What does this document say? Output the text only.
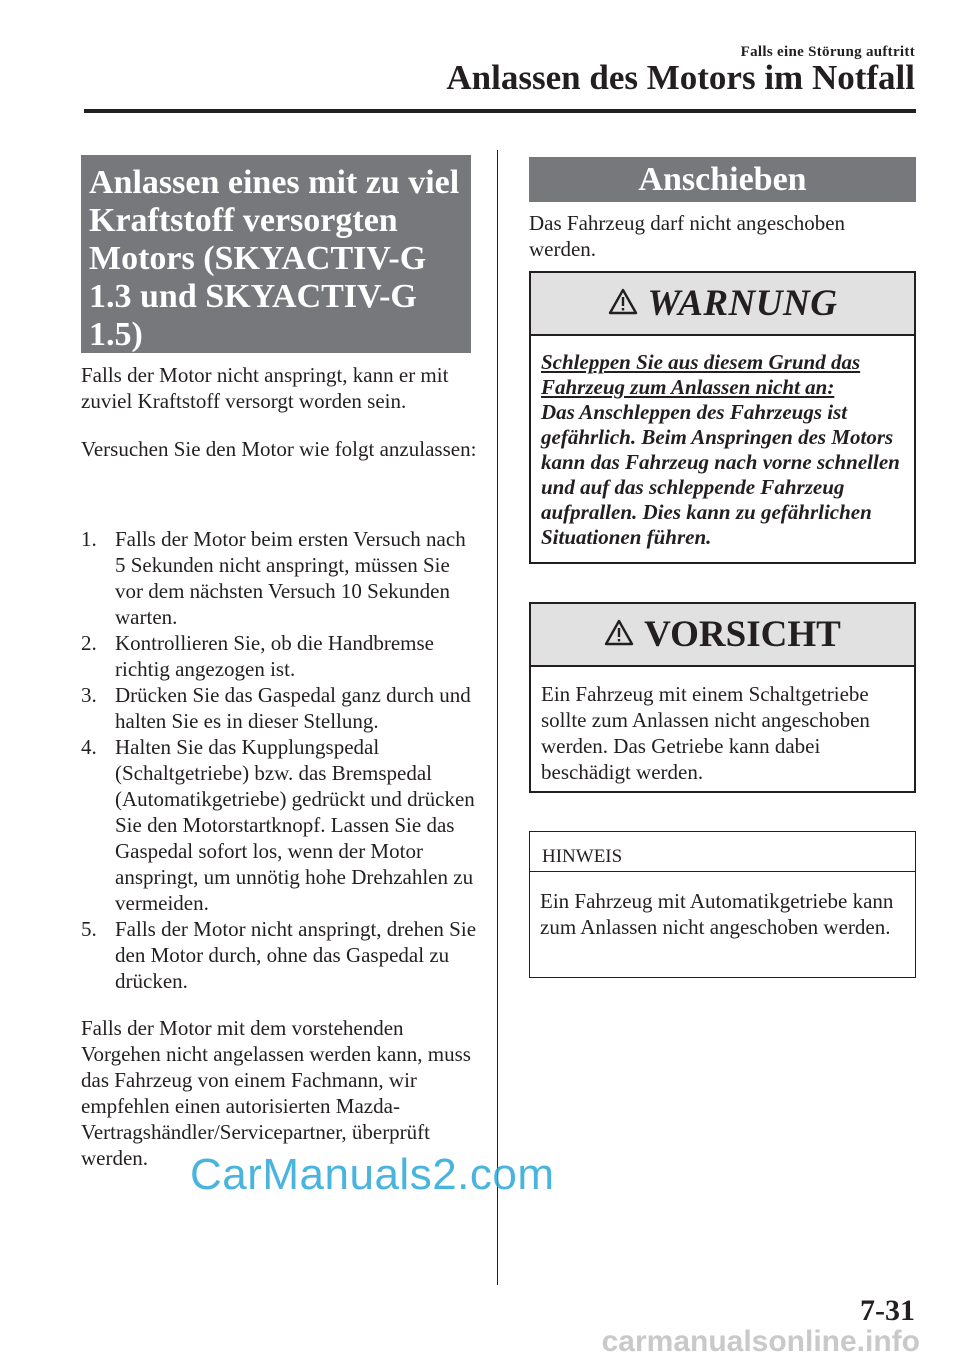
Falls eine Störung auftritt
Anlassen des Motors im Notfall
Anlassen eines mit zu viel Kraftstoff versorgten Motors (SKYACTIV-G 1.3 und SKYACTIV-G 1.5)
Falls der Motor nicht anspringt, kann er mit zuviel Kraftstoff versorgt worden sein.
Versuchen Sie den Motor wie folgt anzulassen:
1. Falls der Motor beim ersten Versuch nach 5 Sekunden nicht anspringt, müssen Sie vor dem nächsten Versuch 10 Sekunden warten.
2. Kontrollieren Sie, ob die Handbremse richtig angezogen ist.
3. Drücken Sie das Gaspedal ganz durch und halten Sie es in dieser Stellung.
4. Halten Sie das Kupplungspedal (Schaltgetriebe) bzw. das Bremspedal (Automatikgetriebe) gedrückt und drücken Sie den Motorstartknopf. Lassen Sie das Gaspedal sofort los, wenn der Motor anspringt, um unnötig hohe Drehzahlen zu vermeiden.
5. Falls der Motor nicht anspringt, drehen Sie den Motor durch, ohne das Gaspedal zu drücken.
Falls der Motor mit dem vorstehenden Vorgehen nicht angelassen werden kann, muss das Fahrzeug von einem Fachmann, wir empfehlen einen autorisierten Mazda-Vertragshändler/Servicepartner, überprüft werden.
Anschieben
Das Fahrzeug darf nicht angeschoben werden.
WARNUNG
Schleppen Sie aus diesem Grund das Fahrzeug zum Anlassen nicht an:
Das Anschleppen des Fahrzeugs ist gefährlich. Beim Anspringen des Motors kann das Fahrzeug nach vorne schnellen und auf das schleppende Fahrzeug aufprallen. Dies kann zu gefährlichen Situationen führen.
VORSICHT
Ein Fahrzeug mit einem Schaltgetriebe sollte zum Anlassen nicht angeschoben werden. Das Getriebe kann dabei beschädigt werden.
HINWEIS
Ein Fahrzeug mit Automatikgetriebe kann zum Anlassen nicht angeschoben werden.
7-31
CarManuals2.com
carmanualsonline.info
